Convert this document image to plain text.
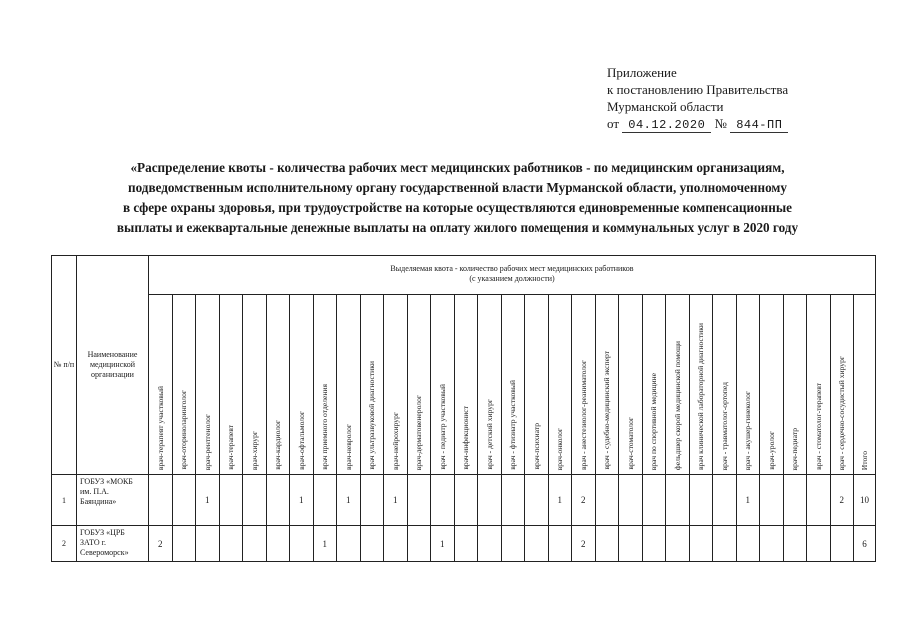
Приложение
к постановлению Правительства
Мурманской области
от 04.12.2020 № 844-ПП
«Распределение квоты - количества рабочих мест медицинских работников - по медицинским организациям,
подведомственным исполнительному органу государственной власти Мурманской области, уполномоченному
в сфере охраны здоровья, при трудоустройстве на которые осуществляются единовременные компенсационные
выплаты и ежеквартальные денежные выплаты на оплату жилого помещения и коммунальных услуг в 2020 году
№ п/п	Наименование медицинской организации	Выделяемая квота - количество рабочих мест медицинских работников
(с указанием должности)																														

		врач-терапевт участковый	врач-оториноларинголог	врач-рентгенолог	врач-терапевт	врач-хирург	врач-кардиолог	врач-офтальмолог	врач приемного отделения	врач-невролог	врач ультразвуковой диагностики	врач-нейрохирург	врач-дерматовенеролог	врач - педиатр участковый	врач-инфекционист	врач - детский хирург	врач - фтизиатр участковый	врач-психиатр	врач-онколог	врач - анестезиолог-реаниматолог	врач - судебно-медицинский эксперт	врач-стоматолог	врач по спортивной медицине	фельдшер скорой медицинской помощи	врач клинической лабораторной диагностики	врач - травматолог-ортопед	врач - акушер-гинеколог	врач-уролог	врач-педиатр	врач - стоматолог-терапевт	врач - сердечно-сосудистый хирург	Итого
1	ГОБУЗ «МОКБ им. П.А. Баяндина»			1				1		1		1							1	2							1				2	10
2	ГОБУЗ «ЦРБ ЗАТО г. Североморск»	2							1					1						2												6
